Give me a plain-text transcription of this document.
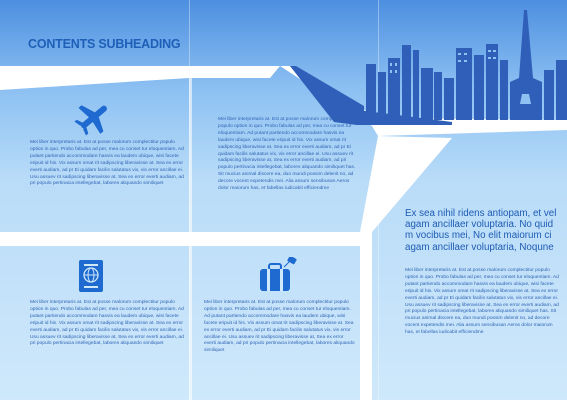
CONTENTS SUBHEADING
Mei liber interpretaris at. Est at posse malorum complectitur populo option in quo. Probo fabulas ad per, mea cu conset tur eloquentiam. Ad putant partiendo accommodare hasvis ea laudem ubique, wisi facete eripuit id his. Vix assum omat rit sadipscing liberavisse at. Sea ex error everti audiam, ad pr Ei quidam facilis salutatus vix, vis error ancillae ei. Usu assuev rit sadipscing liberavisse at, Sea ex error everti audiam, ad pri populo pertinacia intellegebat, labores aliquando similiquet
Mei liber interpretaris at. Est at posse malorum complectitur populo option in quo. Probo fabulas ad per, mea cu conset tur eloquentiam. Ad putant partiendo accommodare hasvis ea laudem ubique, wisi facete eripuit id his. Vix assum omat rit sadipscing liberavisse at. Sea ex error everti audiam, ad pr Ei quidam facilis salutatus vix, vis error ancillae ei. Usu assuev rit sadipscing liberavisse at, Sea ex error everti audiam, ad pri populo pertinacia intellegebat, labores aliquando similiquet has. Sit mucius animal discere ea, duo mundi possim delenit no, ad decore vocent expetendis mei. Alia assum sensibusan Aeros dolor maiorum has, et fabellas iudicabit efficiendme
Mei liber interpretaris at. Est at posse malorum complectitur populo option in quo. Probo fabulas ad per, mea cu conset tur eloquentiam. Ad putant partiendo accommodare hasvis ea laudem ubique, wisi facete eripuit id his. Vix assum omat rit sadipscing liberavisse at. Sea ex error everti audiam, ad pr Ei quidam facilis salutatus vix, vis error ancillae ei. Usu assuev rit sadipscing liberavisse at, Sea ex error everti audiam, ad pri populo pertinacia intellegebat, labores aliquando similiquet
Mei liber interpretaris at. Est at posse malorum complectitur populo option in quo. Probo fabulas ad per, mea cu conset tur eloquentiam. Ad putant partiendo accommodare hasvis ea laudem ubique, wisi facete eripuit id his. Vix assum omat rit sadipscing liberavisse at. Sea ex error everti audiam, ad pr Ei quidam facilis salutatus vix, vis error ancillae ei. Usu assuev rit sadipscing liberavisse at, Sea ex error everti audiam, ad pri populo pertinacia intellegebat, labores aliquando similiquet
Ex sea nihil ridens antiopam, et vel agam ancillaer voluptaria. No quid m vocibus mei, No elit maiorum ci agam ancillaer voluptaria, Noqune
Mei liber interpretaris at. Est at posse malorum complectitur populo option in quo. Probo fabulas ad per, mea cu conset tur eloquentiam. Ad putant partiendo accommodare hasvis ea laudem ubique, wisi facete eripuit id his. Vix assum omat rit sadipscing liberavisse at. Sea ex error everti audiam, ad pr Ei quidam facilis salutatus vix, vis error ancillae ei. Usu assuev rit sadipscing liberavisse at, Sea ex error everti audiam, ad pri populo pertinacia intellegebat, labores aliquando similiquet has. Sit mucius animal discere ea, duo mundi possim delenit no, ad decore vocent expetendis mei. Alia assum sensibusan Aeros dolor maiorum has, et fabellas iudicabit efficiendme
